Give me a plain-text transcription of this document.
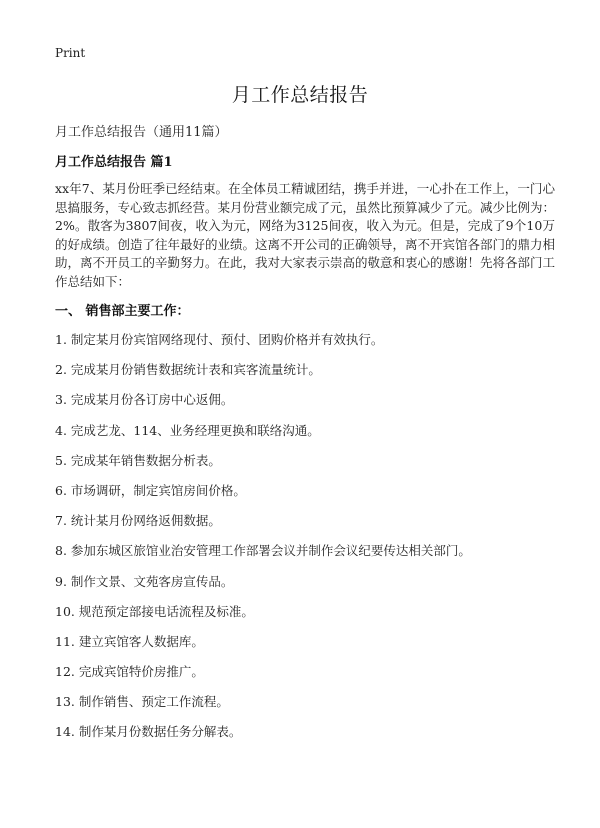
Print
月工作总结报告
月工作总结报告（通用11篇）
月工作总结报告 篇1
xx年7、某月份旺季已经结束。在全体员工精诚团结，携手并进，一心扑在工作上，一门心思搞服务，专心致志抓经营。某月份营业额完成了元，虽然比预算减少了元。减少比例为：2%。散客为3807间夜，收入为元，网络为3125间夜，收入为元。但是，完成了9个10万的好成绩。创造了往年最好的业绩。这离不开公司的正确领导，离不开宾馆各部门的鼎力相助，离不开员工的辛勤努力。在此，我对大家表示崇高的敬意和衷心的感谢！先将各部门工作总结如下：
一、 销售部主要工作：
1. 制定某月份宾馆网络现付、预付、团购价格并有效执行。
2. 完成某月份销售数据统计表和宾客流量统计。
3. 完成某月份各订房中心返佣。
4. 完成艺龙、114、业务经理更换和联络沟通。
5. 完成某年销售数据分析表。
6. 市场调研，制定宾馆房间价格。
7. 统计某月份网络返佣数据。
8. 参加东城区旅馆业治安管理工作部署会议并制作会议纪要传达相关部门。
9. 制作文景、文苑客房宣传品。
10. 规范预定部接电话流程及标准。
11. 建立宾馆客人数据库。
12. 完成宾馆特价房推广。
13. 制作销售、预定工作流程。
14. 制作某月份数据任务分解表。
